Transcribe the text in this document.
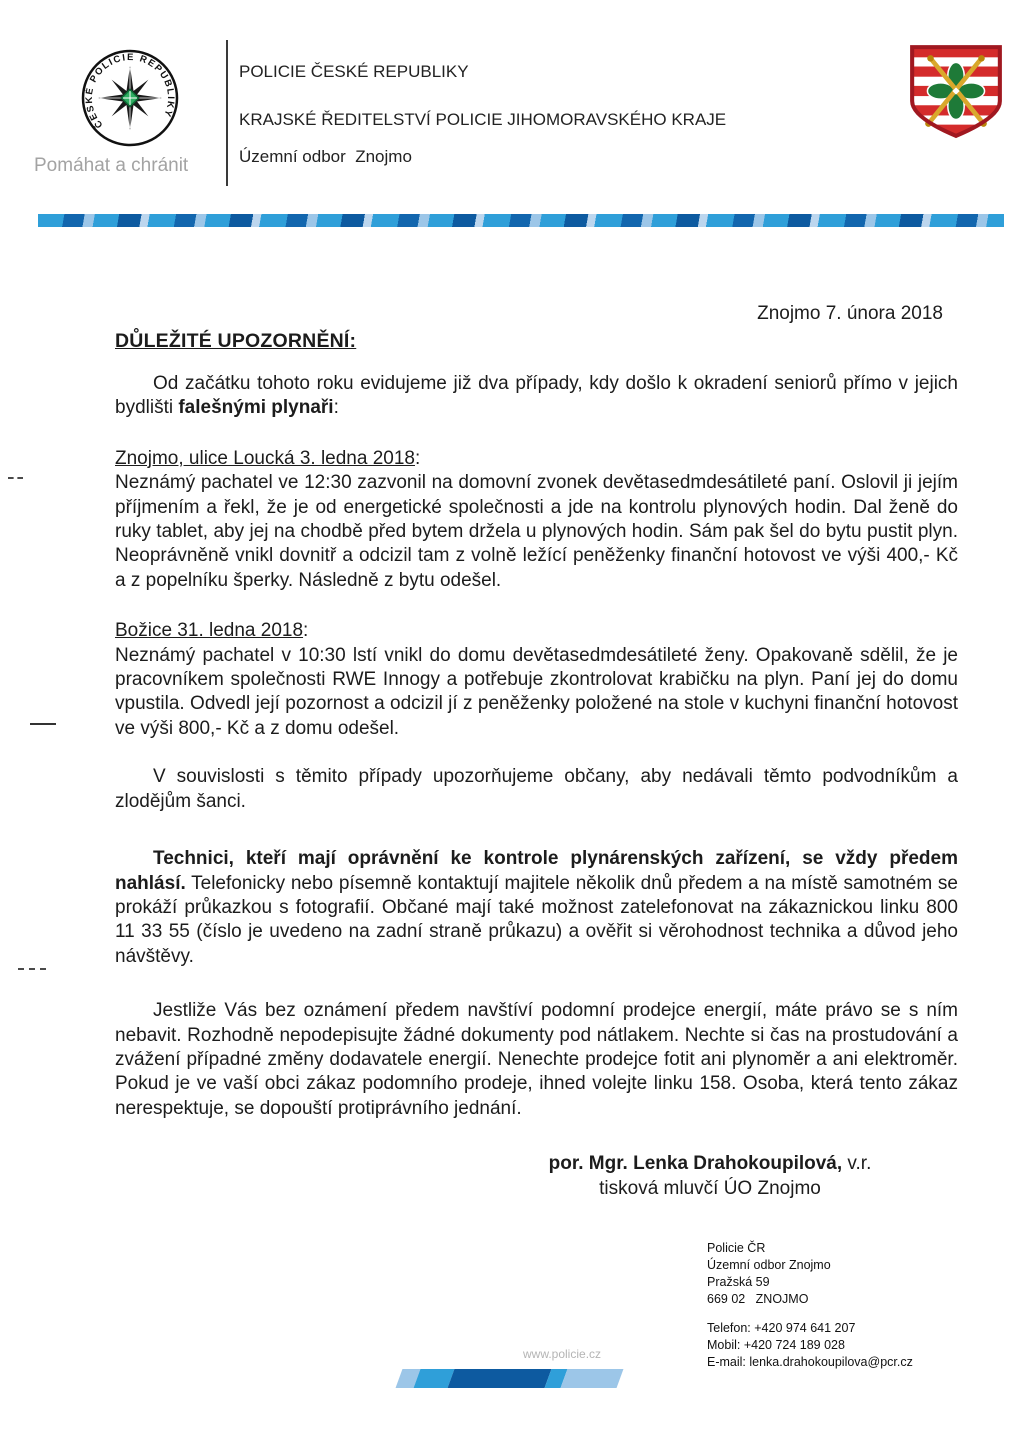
ČESKÉ POLICIE REPUBLIKY
Pomáhat a chránit
POLICIE ČESKÉ REPUBLIKY
KRAJSKÉ ŘEDITELSTVÍ POLICIE JIHOMORAVSKÉHO KRAJE
Územní odbor  Znojmo
Znojmo 7. února 2018
DŮLEŽITÉ UPOZORNĚNÍ:

Od začátku tohoto roku evidujeme již dva případy, kdy došlo k okradení seniorů přímo v jejich bydlišti falešnými plynaři:

Znojmo, ulice Loucká 3. ledna 2018:

Neznámý pachatel ve 12:30 zazvonil na domovní zvonek devětasedmdesátileté paní. Oslovil ji jejím příjmením a řekl, že je od energetické společnosti a jde na kontrolu plynových hodin. Dal ženě do ruky tablet, aby jej na chodbě před bytem držela u plynových hodin. Sám pak šel do bytu pustit plyn. Neoprávněně vnikl dovnitř a odcizil tam z volně ležící peněženky finanční hotovost ve výši 400,- Kč a z popelníku šperky. Následně z bytu odešel.

Božice 31. ledna 2018:

Neznámý pachatel v 10:30 lstí vnikl do domu devětasedmdesátileté ženy. Opakovaně sdělil, že je pracovníkem společnosti RWE Innogy a potřebuje zkontrolovat krabičku na plyn. Paní jej do domu vpustila. Odvedl její pozornost a odcizil jí z peněženky položené na stole v kuchyni finanční hotovost ve výši 800,- Kč a z domu odešel.

V souvislosti s těmito případy upozorňujeme občany, aby nedávali těmto podvodníkům a zlodějům šanci.

Technici, kteří mají oprávnění ke kontrole plynárenských zařízení, se vždy předem nahlásí. Telefonicky nebo písemně kontaktují majitele několik dnů předem a na místě samotném se prokáží průkazkou s fotografií. Občané mají také možnost zatelefonovat na zákaznickou linku 800 11 33 55 (číslo je uvedeno na zadní straně průkazu) a ověřit si věrohodnost technika a důvod jeho návštěvy.

Jestliže Vás bez oznámení předem navštíví podomní prodejce energií, máte právo se s ním nebavit. Rozhodně nepodepisujte žádné dokumenty pod nátlakem. Nechte si čas na prostudování a zvážení případné změny dodavatele energií. Nenechte prodejce fotit ani plynoměr a ani elektroměr. Pokud je ve vaší obci zákaz podomního prodeje, ihned volejte linku 158. Osoba, která tento zákaz nerespektuje, se dopouští protiprávního jednání.

por. Mgr. Lenka Drahokoupilová, v.r.
tisková mluvčí ÚO Znojmo
Policie ČR
Územní odbor Znojmo
Pražská 59
669 02   ZNOJMO
Telefon: +420 974 641 207
Mobil: +420 724 189 028
E-mail: lenka.drahokoupilova@pcr.cz
www.policie.cz
